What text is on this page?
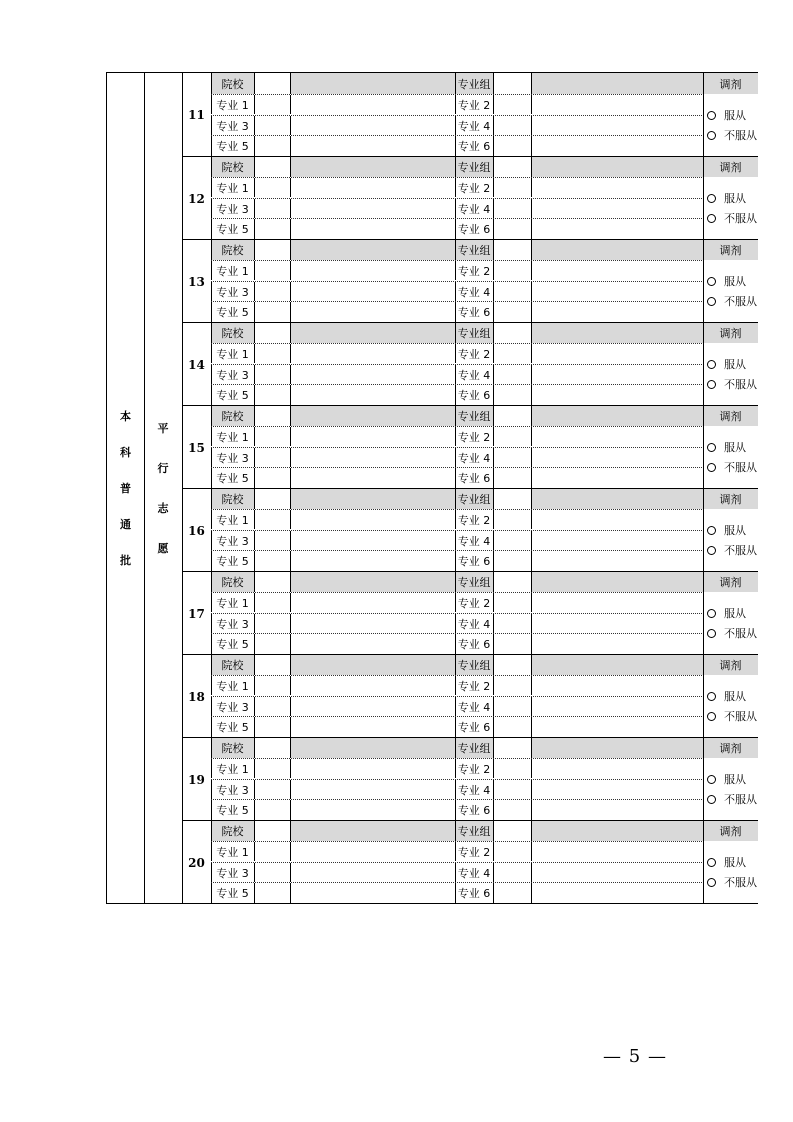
本
科
普
通
批
平
行
志
愿
11
院校	专业组	调剂
专业 1	专业 2
专业 3	专业 4
专业 5	专业 6
服从
不服从
12
院校	专业组	调剂
专业 1	专业 2
专业 3	专业 4
专业 5	专业 6
服从
不服从
13
院校	专业组	调剂
专业 1	专业 2
专业 3	专业 4
专业 5	专业 6
服从
不服从
14
院校	专业组	调剂
专业 1	专业 2
专业 3	专业 4
专业 5	专业 6
服从
不服从
15
院校	专业组	调剂
专业 1	专业 2
专业 3	专业 4
专业 5	专业 6
服从
不服从
16
院校	专业组	调剂
专业 1	专业 2
专业 3	专业 4
专业 5	专业 6
服从
不服从
17
院校	专业组	调剂
专业 1	专业 2
专业 3	专业 4
专业 5	专业 6
服从
不服从
18
院校	专业组	调剂
专业 1	专业 2
专业 3	专业 4
专业 5	专业 6
服从
不服从
19
院校	专业组	调剂
专业 1	专业 2
专业 3	专业 4
专业 5	专业 6
服从
不服从
20
院校	专业组	调剂
专业 1	专业 2
专业 3	专业 4
专业 5	专业 6
服从
不服从
— 5 —
